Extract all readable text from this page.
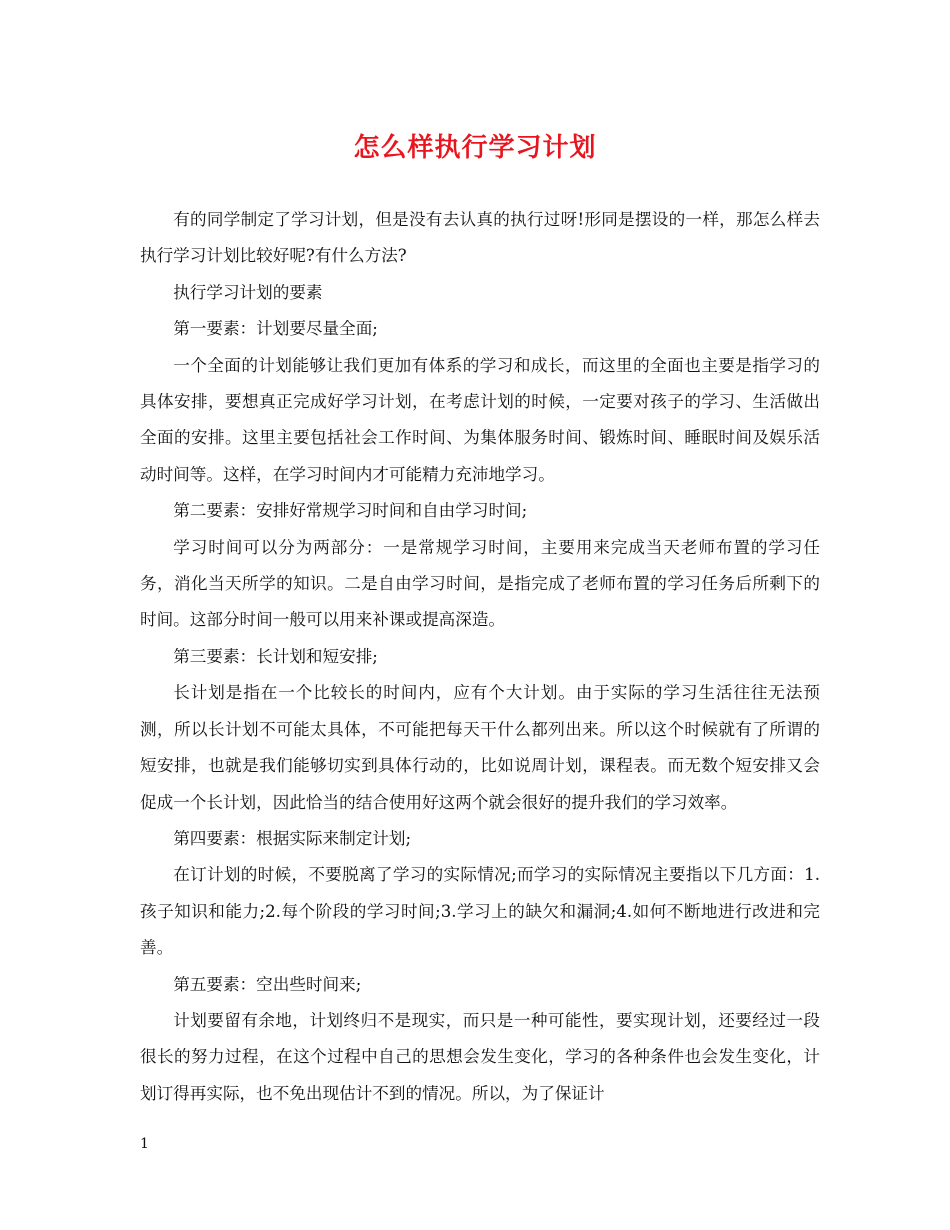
怎么样执行学习计划

有的同学制定了学习计划，但是没有去认真的执行过呀!形同是摆设的一样，那怎么样去执行学习计划比较好呢?有什么方法?

执行学习计划的要素

第一要素：计划要尽量全面;

一个全面的计划能够让我们更加有体系的学习和成长，而这里的全面也主要是指学习的具体安排，要想真正完成好学习计划，在考虑计划的时候，一定要对孩子的学习、生活做出全面的安排。这里主要包括社会工作时间、为集体服务时间、锻炼时间、睡眠时间及娱乐活动时间等。这样，在学习时间内才可能精力充沛地学习。

第二要素：安排好常规学习时间和自由学习时间;

学习时间可以分为两部分：一是常规学习时间，主要用来完成当天老师布置的学习任务，消化当天所学的知识。二是自由学习时间，是指完成了老师布置的学习任务后所剩下的时间。这部分时间一般可以用来补课或提高深造。

第三要素：长计划和短安排;

长计划是指在一个比较长的时间内，应有个大计划。由于实际的学习生活往往无法预测，所以长计划不可能太具体，不可能把每天干什么都列出来。所以这个时候就有了所谓的短安排，也就是我们能够切实到具体行动的，比如说周计划，课程表。而无数个短安排又会促成一个长计划，因此恰当的结合使用好这两个就会很好的提升我们的学习效率。

第四要素：根据实际来制定计划;

在订计划的时候，不要脱离了学习的实际情况;而学习的实际情况主要指以下几方面：1.孩子知识和能力;2.每个阶段的学习时间;3.学习上的缺欠和漏洞;4.如何不断地进行改进和完善。

第五要素：空出些时间来;

计划要留有余地，计划终归不是现实，而只是一种可能性，要实现计划，还要经过一段很长的努力过程，在这个过程中自己的思想会发生变化，学习的各种条件也会发生变化，计划订得再实际，也不免出现估计不到的情况。所以，为了保证计

1
